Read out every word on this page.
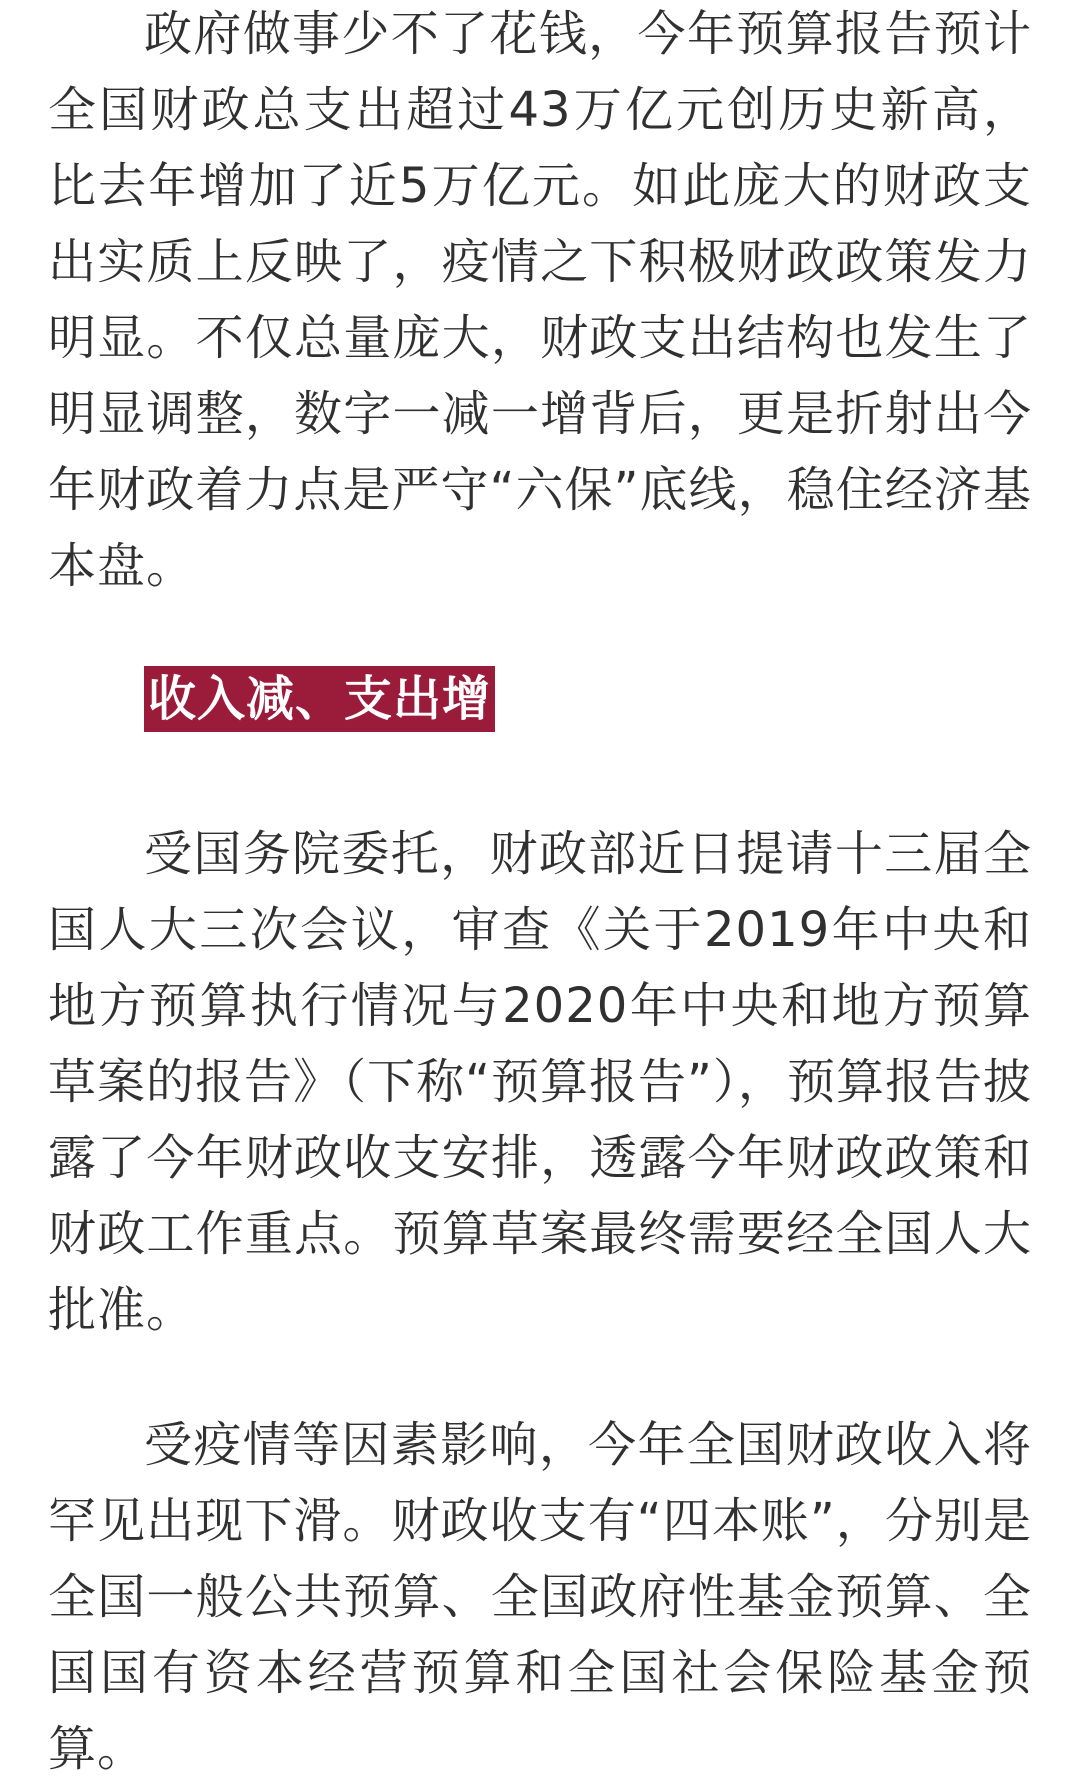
政府做事少不了花钱，今年预算报告预计全国财政总支出超过43万亿元创历史新高，比去年增加了近5万亿元。如此庞大的财政支出实质上反映了，疫情之下积极财政政策发力明显。不仅总量庞大，财政支出结构也发生了明显调整，数字一减一增背后，更是折射出今年财政着力点是严守“六保”底线，稳住经济基本盘。

收入减、支出增

受国务院委托，财政部近日提请十三届全国人大三次会议，审查《关于2019年中央和地方预算执行情况与2020年中央和地方预算草案的报告》（下称“预算报告”），预算报告披露了今年财政收支安排，透露今年财政政策和财政工作重点。预算草案最终需要经全国人大批准。

受疫情等因素影响，今年全国财政收入将罕见出现下滑。财政收支有“四本账”，分别是全国一般公共预算、全国政府性基金预算、全国国有资本经营预算和全国社会保险基金预算。
